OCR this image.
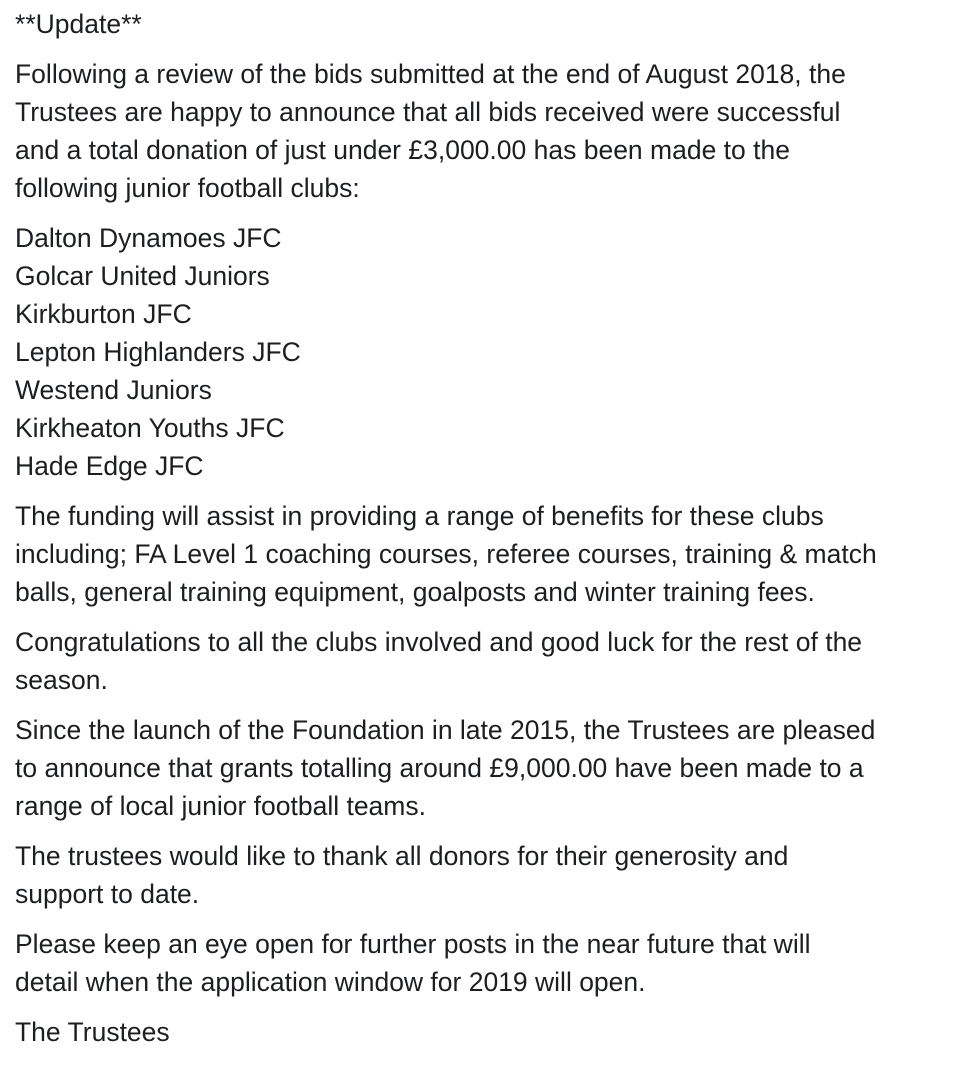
**Update**

Following a review of the bids submitted at the end of August 2018, the
Trustees are happy to announce that all bids received were successful
and a total donation of just under £3,000.00 has been made to the
following junior football clubs:

Dalton Dynamoes JFC
Golcar United Juniors
Kirkburton JFC
Lepton Highlanders JFC
Westend Juniors
Kirkheaton Youths JFC
Hade Edge JFC

The funding will assist in providing a range of benefits for these clubs
including; FA Level 1 coaching courses, referee courses, training & match
balls, general training equipment, goalposts and winter training fees.

Congratulations to all the clubs involved and good luck for the rest of the
season.

Since the launch of the Foundation in late 2015, the Trustees are pleased
to announce that grants totalling around £9,000.00 have been made to a
range of local junior football teams.

The trustees would like to thank all donors for their generosity and
support to date.

Please keep an eye open for further posts in the near future that will
detail when the application window for 2019 will open.

The Trustees
